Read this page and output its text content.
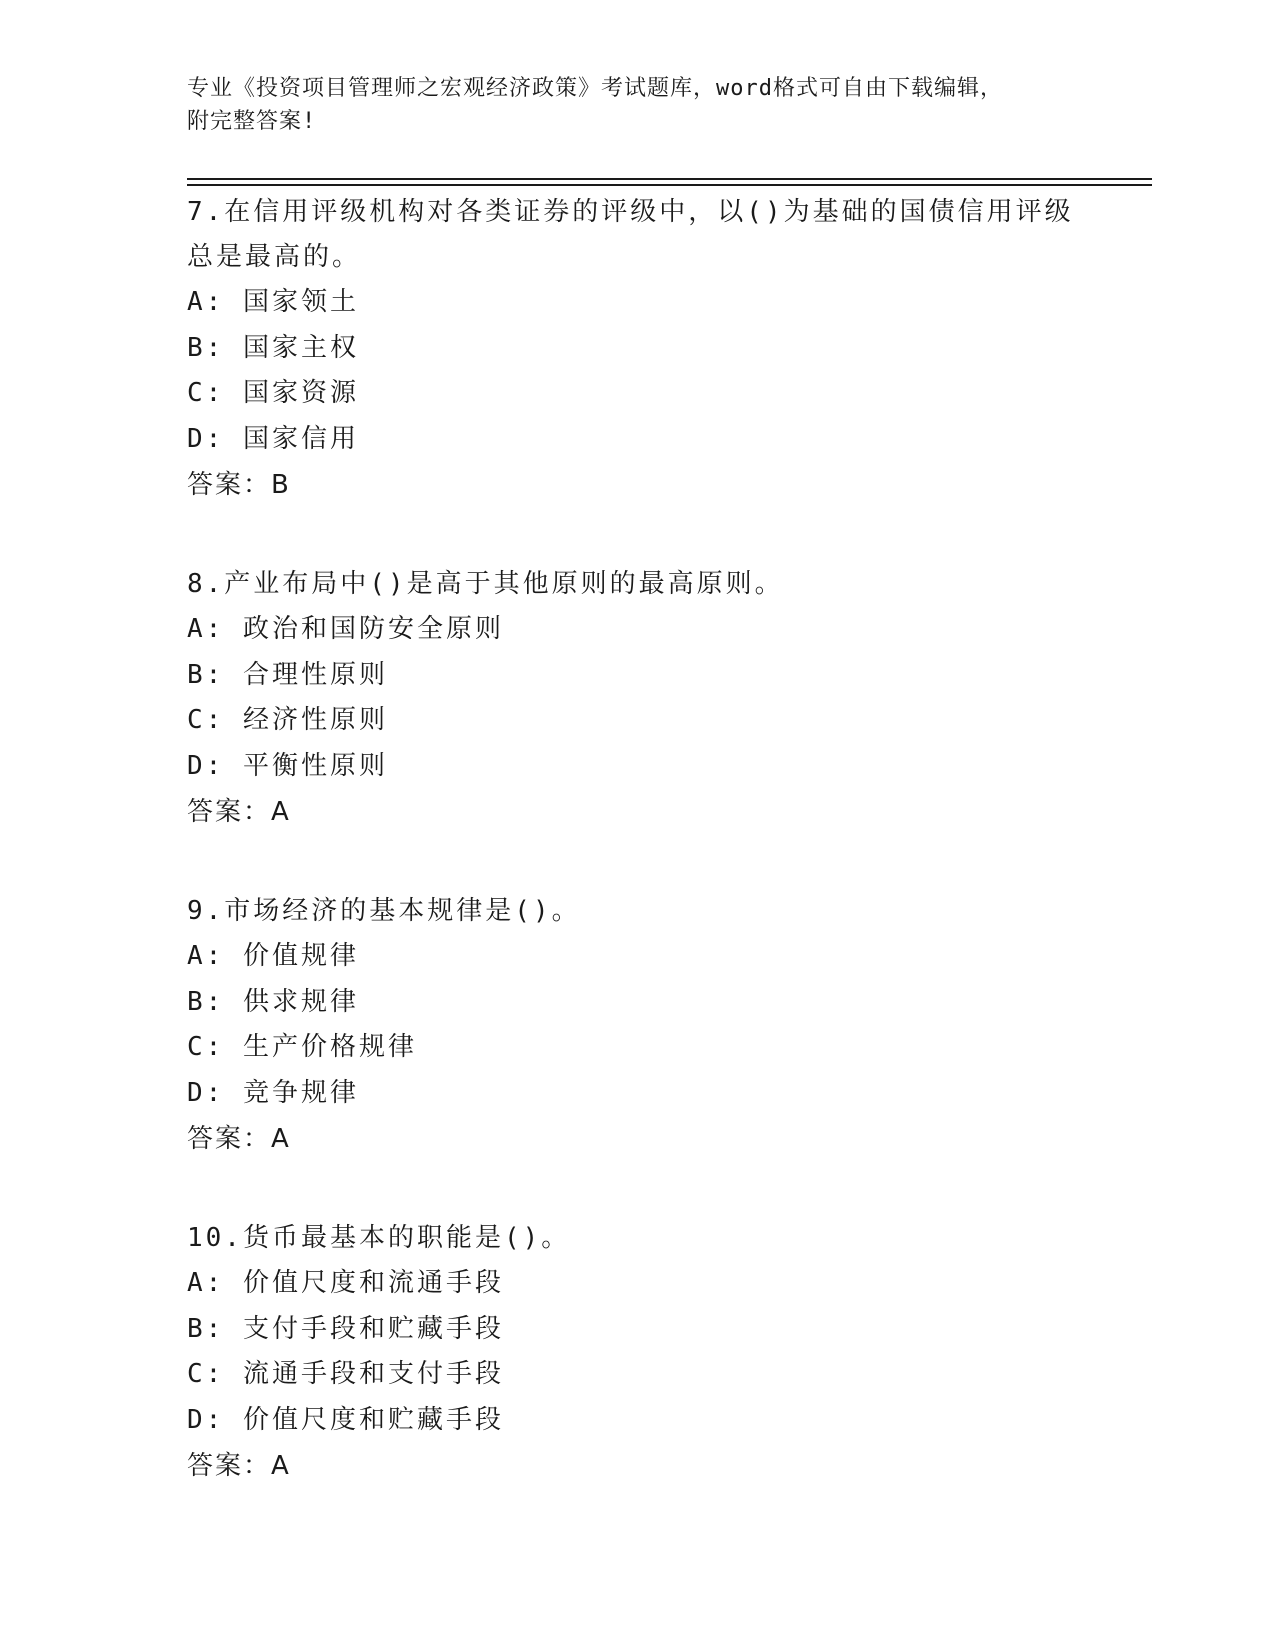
专业《投资项目管理师之宏观经济政策》考试题库，word格式可自由下载编辑，
附完整答案!

7.在信用评级机构对各类证券的评级中，以()为基础的国债信用评级

总是最高的。

A: 国家领土

B: 国家主权

C: 国家资源

D: 国家信用

答案：B

8.产业布局中()是高于其他原则的最高原则。

A: 政治和国防安全原则

B: 合理性原则

C: 经济性原则

D: 平衡性原则

答案：A

9.市场经济的基本规律是()。

A: 价值规律

B: 供求规律

C: 生产价格规律

D: 竞争规律

答案：A

10.货币最基本的职能是()。

A: 价值尺度和流通手段

B: 支付手段和贮藏手段

C: 流通手段和支付手段

D: 价值尺度和贮藏手段

答案：A
